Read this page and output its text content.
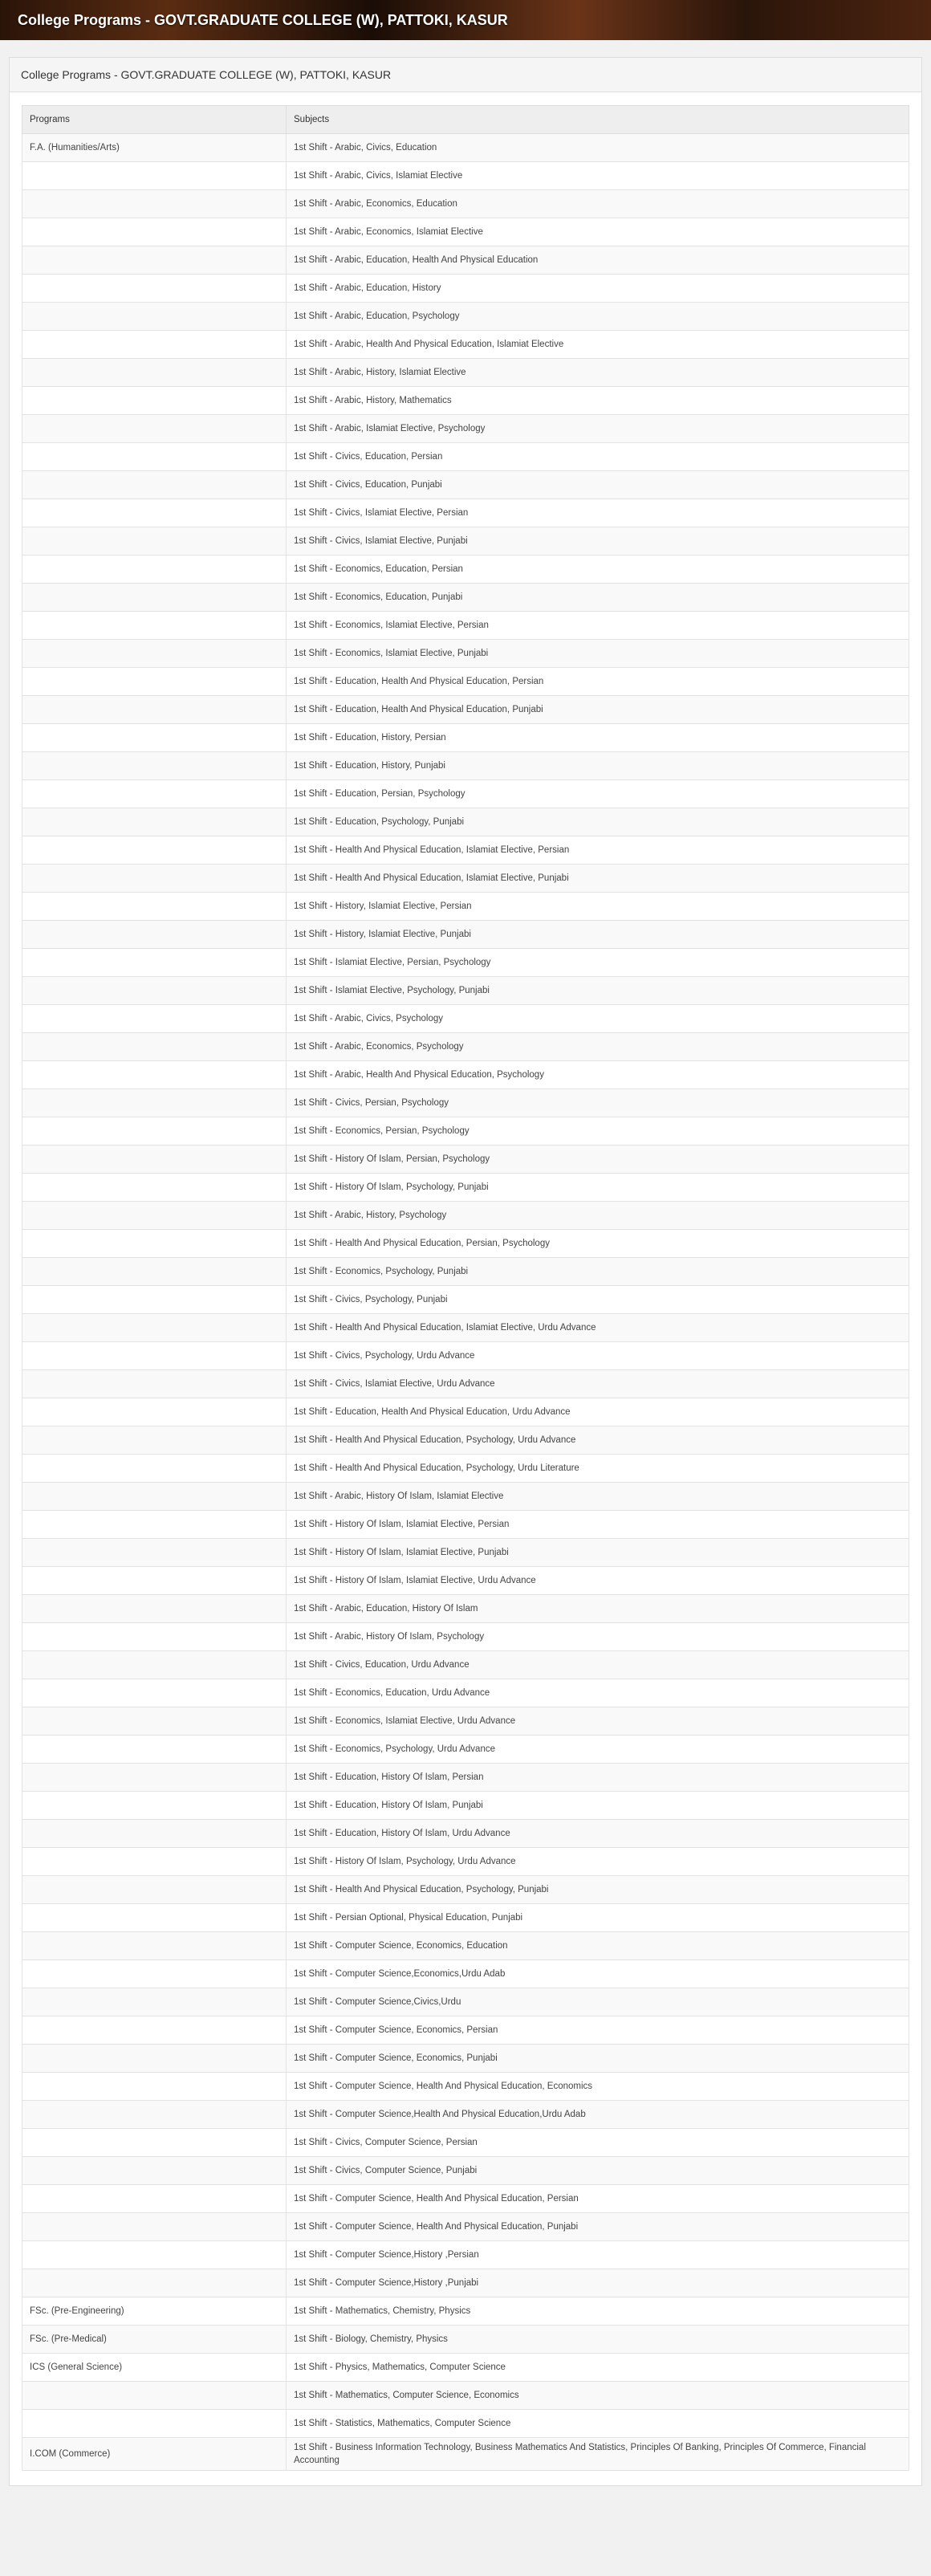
College Programs - GOVT.GRADUATE COLLEGE (W), PATTOKI, KASUR
College Programs - GOVT.GRADUATE COLLEGE (W), PATTOKI, KASUR
Programs	Subjects
F.A. (Humanities/Arts)	1st Shift - Arabic, Civics, Education
	1st Shift - Arabic, Civics, Islamiat Elective
	1st Shift - Arabic, Economics, Education
	1st Shift - Arabic, Economics, Islamiat Elective
	1st Shift - Arabic, Education, Health And Physical Education
	1st Shift - Arabic, Education, History
	1st Shift - Arabic, Education, Psychology
	1st Shift - Arabic, Health And Physical Education, Islamiat Elective
	1st Shift - Arabic, History, Islamiat Elective
	1st Shift - Arabic, History, Mathematics
	1st Shift - Arabic, Islamiat Elective, Psychology
	1st Shift - Civics, Education, Persian
	1st Shift - Civics, Education, Punjabi
	1st Shift - Civics, Islamiat Elective, Persian
	1st Shift - Civics, Islamiat Elective, Punjabi
	1st Shift - Economics, Education, Persian
	1st Shift - Economics, Education, Punjabi
	1st Shift - Economics, Islamiat Elective, Persian
	1st Shift - Economics, Islamiat Elective, Punjabi
	1st Shift - Education, Health And Physical Education, Persian
	1st Shift - Education, Health And Physical Education, Punjabi
	1st Shift - Education, History, Persian
	1st Shift - Education, History, Punjabi
	1st Shift - Education, Persian, Psychology
	1st Shift - Education, Psychology, Punjabi
	1st Shift - Health And Physical Education, Islamiat Elective, Persian
	1st Shift - Health And Physical Education, Islamiat Elective, Punjabi
	1st Shift - History, Islamiat Elective, Persian
	1st Shift - History, Islamiat Elective, Punjabi
	1st Shift - Islamiat Elective, Persian, Psychology
	1st Shift - Islamiat Elective, Psychology, Punjabi
	1st Shift - Arabic, Civics, Psychology
	1st Shift - Arabic, Economics, Psychology
	1st Shift - Arabic, Health And Physical Education, Psychology
	1st Shift - Civics, Persian, Psychology
	1st Shift - Economics, Persian, Psychology
	1st Shift - History Of Islam, Persian, Psychology
	1st Shift - History Of Islam, Psychology, Punjabi
	1st Shift - Arabic, History, Psychology
	1st Shift - Health And Physical Education, Persian, Psychology
	1st Shift - Economics, Psychology, Punjabi
	1st Shift - Civics, Psychology, Punjabi
	1st Shift - Health And Physical Education, Islamiat Elective, Urdu Advance
	1st Shift - Civics, Psychology, Urdu Advance
	1st Shift - Civics, Islamiat Elective, Urdu Advance
	1st Shift - Education, Health And Physical Education, Urdu Advance
	1st Shift - Health And Physical Education, Psychology, Urdu Advance
	1st Shift - Health And Physical Education, Psychology, Urdu Literature
	1st Shift - Arabic, History Of Islam, Islamiat Elective
	1st Shift - History Of Islam, Islamiat Elective, Persian
	1st Shift - History Of Islam, Islamiat Elective, Punjabi
	1st Shift - History Of Islam, Islamiat Elective, Urdu Advance
	1st Shift - Arabic, Education, History Of Islam
	1st Shift - Arabic, History Of Islam, Psychology
	1st Shift - Civics, Education, Urdu Advance
	1st Shift - Economics, Education, Urdu Advance
	1st Shift - Economics, Islamiat Elective, Urdu Advance
	1st Shift - Economics, Psychology, Urdu Advance
	1st Shift - Education, History Of Islam, Persian
	1st Shift - Education, History Of Islam, Punjabi
	1st Shift - Education, History Of Islam, Urdu Advance
	1st Shift - History Of Islam, Psychology, Urdu Advance
	1st Shift - Health And Physical Education, Psychology, Punjabi
	1st Shift - Persian Optional, Physical Education, Punjabi
	1st Shift - Computer Science, Economics, Education
	1st Shift - Computer Science,Economics,Urdu Adab
	1st Shift - Computer Science,Civics,Urdu
	1st Shift - Computer Science, Economics, Persian
	1st Shift - Computer Science, Economics, Punjabi
	1st Shift - Computer Science, Health And Physical Education, Economics
	1st Shift - Computer Science,Health And Physical Education,Urdu Adab
	1st Shift - Civics, Computer Science, Persian
	1st Shift - Civics, Computer Science, Punjabi
	1st Shift - Computer Science, Health And Physical Education, Persian
	1st Shift - Computer Science, Health And Physical Education, Punjabi
	1st Shift - Computer Science,History ,Persian
	1st Shift - Computer Science,History ,Punjabi
FSc. (Pre-Engineering)	1st Shift - Mathematics, Chemistry, Physics
FSc. (Pre-Medical)	1st Shift - Biology, Chemistry, Physics
ICS (General Science)	1st Shift - Physics, Mathematics, Computer Science
	1st Shift - Mathematics, Computer Science, Economics
	1st Shift - Statistics, Mathematics, Computer Science
I.COM (Commerce)	1st Shift - Business Information Technology, Business Mathematics And Statistics, Principles Of Banking, Principles Of Commerce, Financial Accounting
